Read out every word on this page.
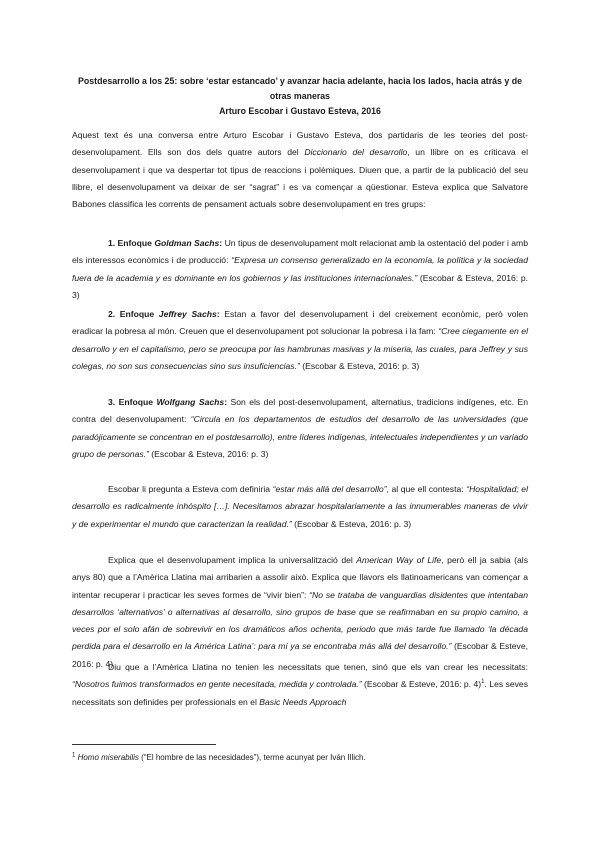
Postdesarrollo a los 25: sobre ‘estar estancado’ y avanzar hacia adelante, hacia los lados, hacia atrás y de otras maneras
Arturo Escobar i Gustavo Esteva, 2016
Aquest text és una conversa entre Arturo Escobar i Gustavo Esteva, dos partidaris de les teories del post-desenvolupament. Ells son dos dels quatre autors del Diccionario del desarrollo, un llibre on es criticava el desenvolupament i que va despertar tot tipus de reaccions i polèmiques. Diuen que, a partir de la publicació del seu llibre, el desenvolupament va deixar de ser “sagrat” i es va començar a qüestionar. Esteva explica que Salvatore Babones classifica les corrents de pensament actuals sobre desenvolupament en tres grups:
1. Enfoque Goldman Sachs: Un tipus de desenvolupament molt relacionat amb la ostentació del poder i amb els interessos econòmics i de producció: “Expresa un consenso generalizado en la economía, la política y la sociedad fuera de la academia y es dominante en los gobiernos y las instituciones internacionales.” (Escobar & Esteva, 2016: p. 3)
2. Enfoque Jeffrey Sachs: Estan a favor del desenvolupament i del creixement econòmic, però volen eradicar la pobresa al món. Creuen que el desenvolupament pot solucionar la pobresa i la fam: “Cree ciegamente en el desarrollo y en el capitalismo, pero se preocupa por las hambrunas masivas y la miseria, las cuales, para Jeffrey y sus colegas, no son sus consecuencias sino sus insuficiencias.” (Escobar & Esteva, 2016: p. 3)
3. Enfoque Wolfgang Sachs: Son els del post-desenvolupament, alternatius, tradicions indígenes, etc. En contra del desenvolupament: “Circula en los departamentos de estudios del desarrollo de las universidades (que paradójicamente se concentran en el postdesarrollo), entre líderes indígenas, intelectuales independientes y un variado grupo de personas.” (Escobar & Esteva, 2016: p. 3)
Escobar li pregunta a Esteva com definiria “estar más allá del desarrollo”, al que ell contesta: “Hospitalidad; el desarrollo es radicalmente inhóspito […]. Necesitamos abrazar hospitalariamente a las innumerables maneras de vivir y de experimentar el mundo que caracterizan la realidad.” (Escobar & Esteva, 2016: p. 3)
Explica que el desenvolupament implica la universalització del American Way of Life, però ell ja sabia (als anys 80) que a l’Amèrica Llatina mai arribarien a assolir això. Explica que llavors els llatinoamericans van començar a intentar recuperar i practicar les seves formes de “vivir bien”: “No se trataba de vanguardias disidentes que intentaban desarrollos ‘alternativos’ o alternativas al desarrollo, sino grupos de base que se reafirmaban en su propio camino, a veces por el solo afán de sobrevivir en los dramáticos años ochenta, periodo que más tarde fue llamado ‘la década perdida para el desarrollo en la América Latina’: para mí ya se encontraba más allá del desarrollo.” (Escobar & Esteve, 2016: p. 4)
Diu que a l’Amèrica Llatina no tenien les necessitats que tenen, sinó que els van crear les necessitats: “Nosotros fuimos transformados en gente necesitada, medida y controlada.” (Escobar & Esteve, 2016: p. 4)$^1$. Les seves necessitats son definides per professionals en el Basic Needs Approach
$^1$ Homo miserabilis (“El hombre de las necesidades”), terme acunyat per Iván Illich.
